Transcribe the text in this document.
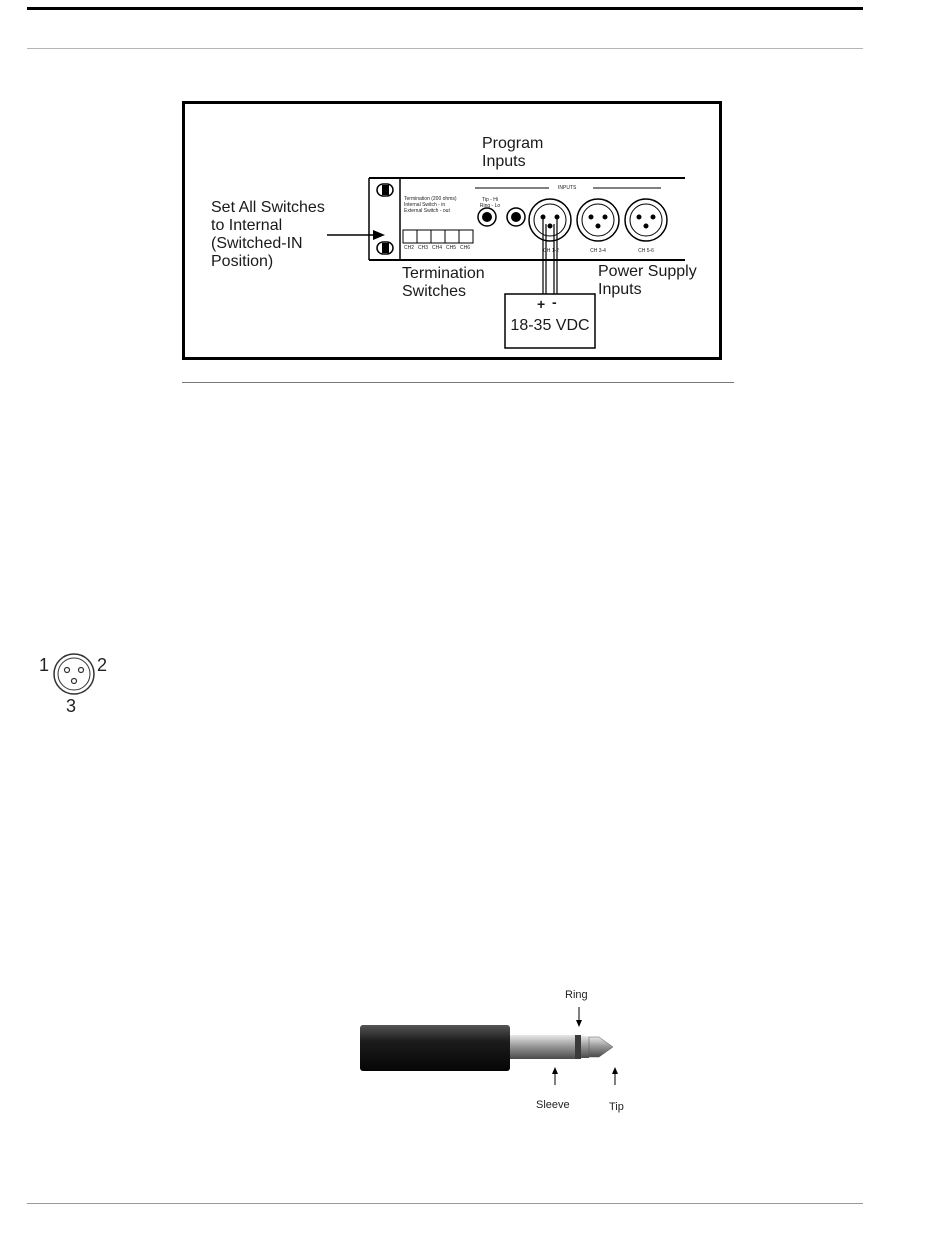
Set All Switches
to Internal
(Switched-IN
Position)
Program
Inputs
Termination
Switches
Power Supply
Inputs
18-35 VDC
+ -
Termination (200 ohms)
Internal Switch - in
External Switch - out
Tip - Hi
Ring - Lo
INPUTS
CH2 CH3 CH4 CH5 CH6	CH 1-2	CH 3-4	CH 5-6
1	2
3
Ring
Sleeve	Tip
